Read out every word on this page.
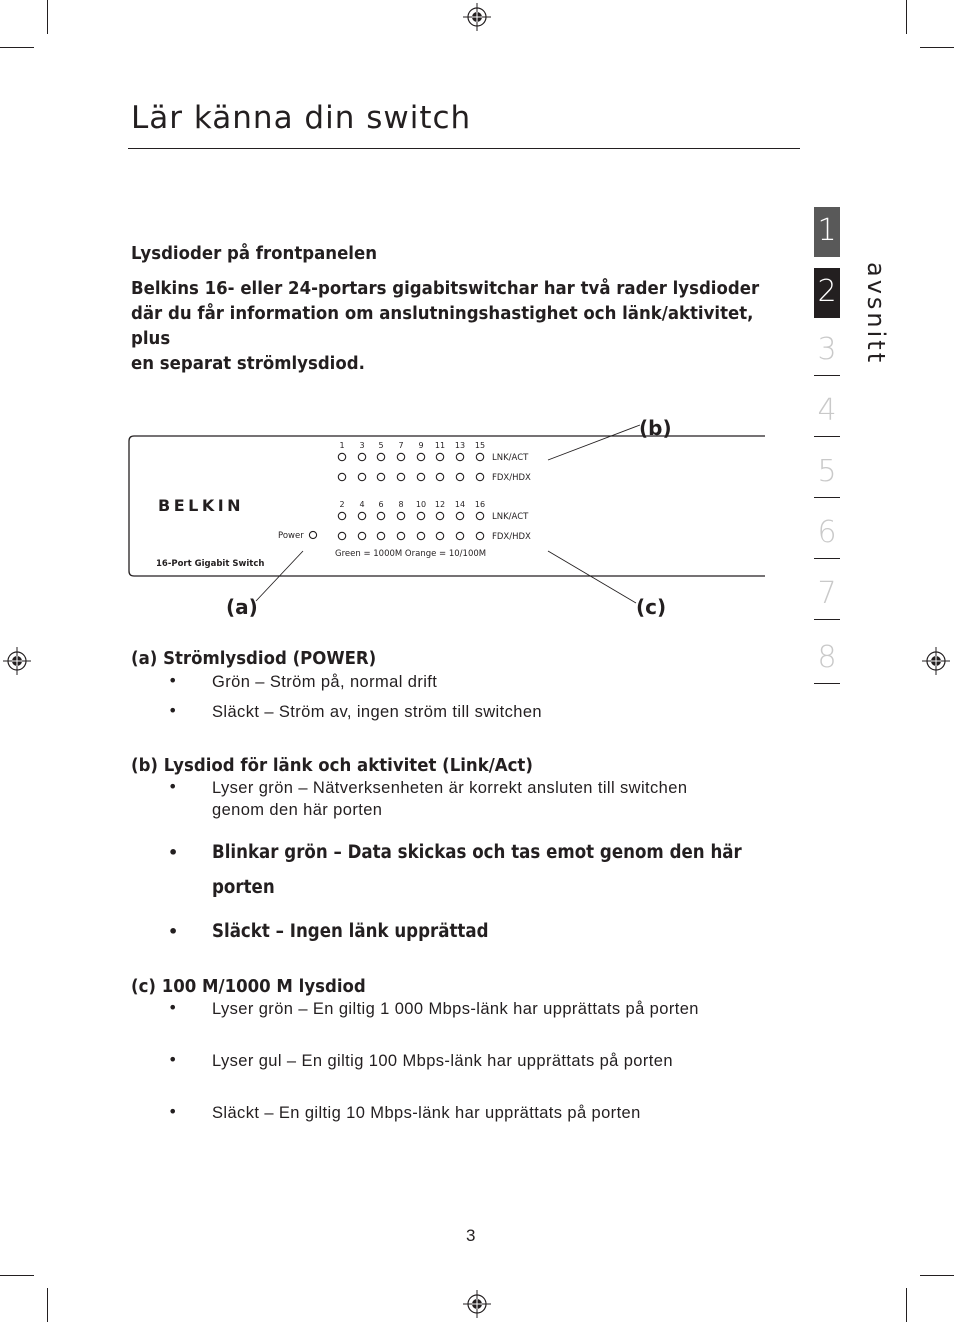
Lär känna din switch
1
2
3
4
5
6
7
8
avsnitt
Lysdioder på frontpanelen
Belkins 16- eller 24-portars gigabitswitchar har två rader lysdioder
där du får information om anslutningshastighet och länk/aktivitet,
plus
en separat strömlysdiod.
BELKIN
16-Port Gigabit Switch
Power
1 3 5 7 9 11 13 15
2 4 6 8 10 12 14 16
LNK/ACT
FDX/HDX
LNK/ACT
FDX/HDX
Green = 1000M Orange = 10/100M
(b)
(a)	(c)
(a) Strömlysdiod (POWER)
• Grön – Ström på, normal drift
• Släckt – Ström av, ingen ström till switchen
(b) Lysdiod för länk och aktivitet (Link/Act)
• Lyser grön – Nätverksenheten är korrekt ansluten till switchen genom den här porten
• Blinkar grön – Data skickas och tas emot genom den här porten
• Släckt – Ingen länk upprättad
(c) 100 M/1000 M lysdiod
• Lyser grön – En giltig 1 000 Mbps-länk har upprättats på porten
• Lyser gul – En giltig 100 Mbps-länk har upprättats på porten
• Släckt – En giltig 10 Mbps-länk har upprättats på porten
3
